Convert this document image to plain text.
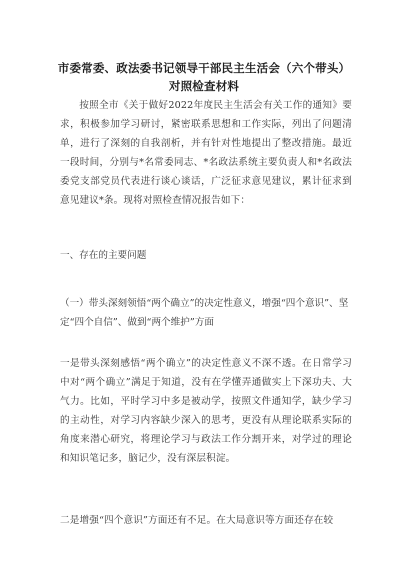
市委常委、政法委书记领导干部民主生活会（六个带头）
对照检查材料
按照全市《关于做好2022年度民主生活会有关工作的通知》要求，积极参加学习研讨，紧密联系思想和工作实际，列出了问题清单，进行了深刻的自我剖析，并有针对性地提出了整改措施。最近一段时间，分别与*名常委同志、*名政法系统主要负责人和*名政法委党支部党员代表进行谈心谈话，广泛征求意见建议，累计征求到意见建议*条。现将对照检查情况报告如下：
一、存在的主要问题
（一）带头深刻领悟“两个确立”的决定性意义，增强“四个意识”、坚定“四个自信”、做到“两个维护”方面
一是带头深刻感悟“两个确立”的决定性意义不深不透。在日常学习中对“两个确立”满足于知道，没有在学懂弄通做实上下深功夫、大气力。比如，平时学习中多是被动学，按照文件通知学，缺少学习的主动性，对学习内容缺少深入的思考，更没有从理论联系实际的角度来潜心研究，将理论学习与政法工作分割开来，对学过的理论和知识笔记多，脑记少，没有深层积淀。
二是增强“四个意识”方面还有不足。在大局意识等方面还存在较
